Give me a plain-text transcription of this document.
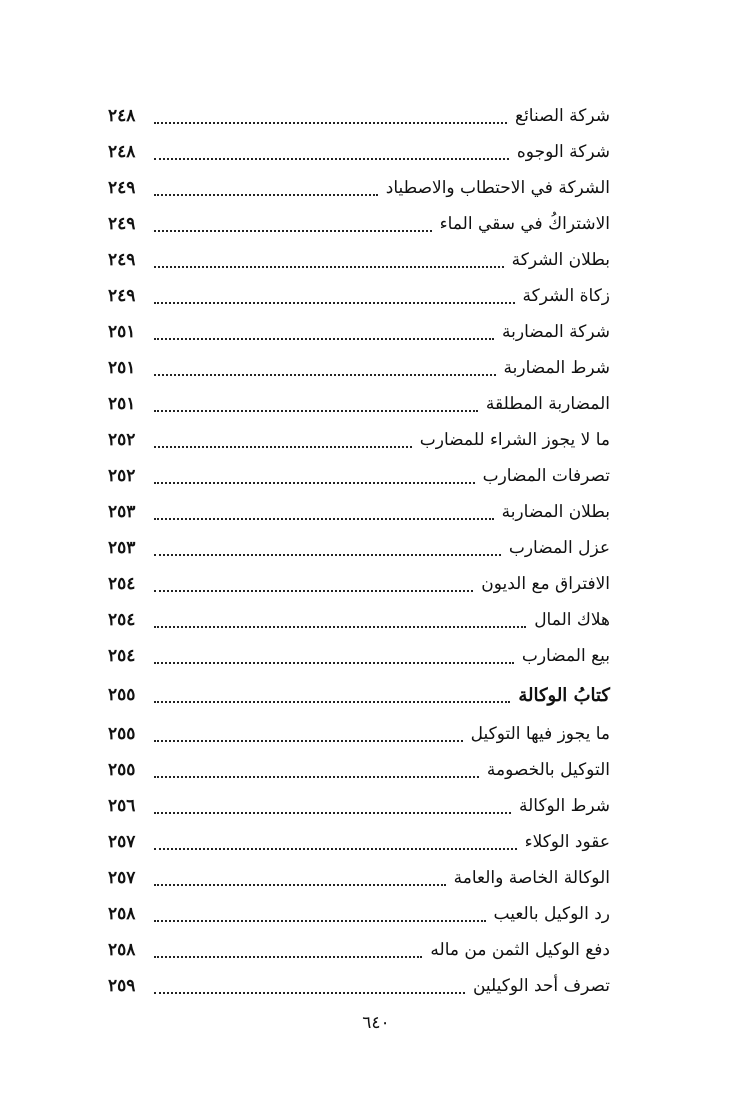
شركة الصنائع
٢٤٨
شركة الوجوه
٢٤٨
الشركة في الاحتطاب والاصطياد
٢٤٩
الاشتراكُ في سقي الماء
٢٤٩
بطلان الشركة
٢٤٩
زكاة الشركة
٢٤٩
شركة المضاربة
٢٥١
شرط المضاربة
٢٥١
المضاربة المطلقة
٢٥١
ما لا يجوز الشراء للمضارب
٢٥٢
تصرفات المضارب
٢٥٢
بطلان المضاربة
٢٥٣
عزل المضارب
٢٥٣
الافتراق مع الديون
٢٥٤
هلاك المال
٢٥٤
بيع المضارب
٢٥٤
كتابُ الوكالة
٢٥٥
ما يجوز فيها التوكيل
٢٥٥
التوكيل بالخصومة
٢٥٥
شرط الوكالة
٢٥٦
عقود الوكلاء
٢٥٧
الوكالة الخاصة والعامة
٢٥٧
رد الوكيل بالعيب
٢٥٨
دفع الوكيل الثمن من ماله
٢٥٨
تصرف أحد الوكيلين
٢٥٩
٦٤٠
